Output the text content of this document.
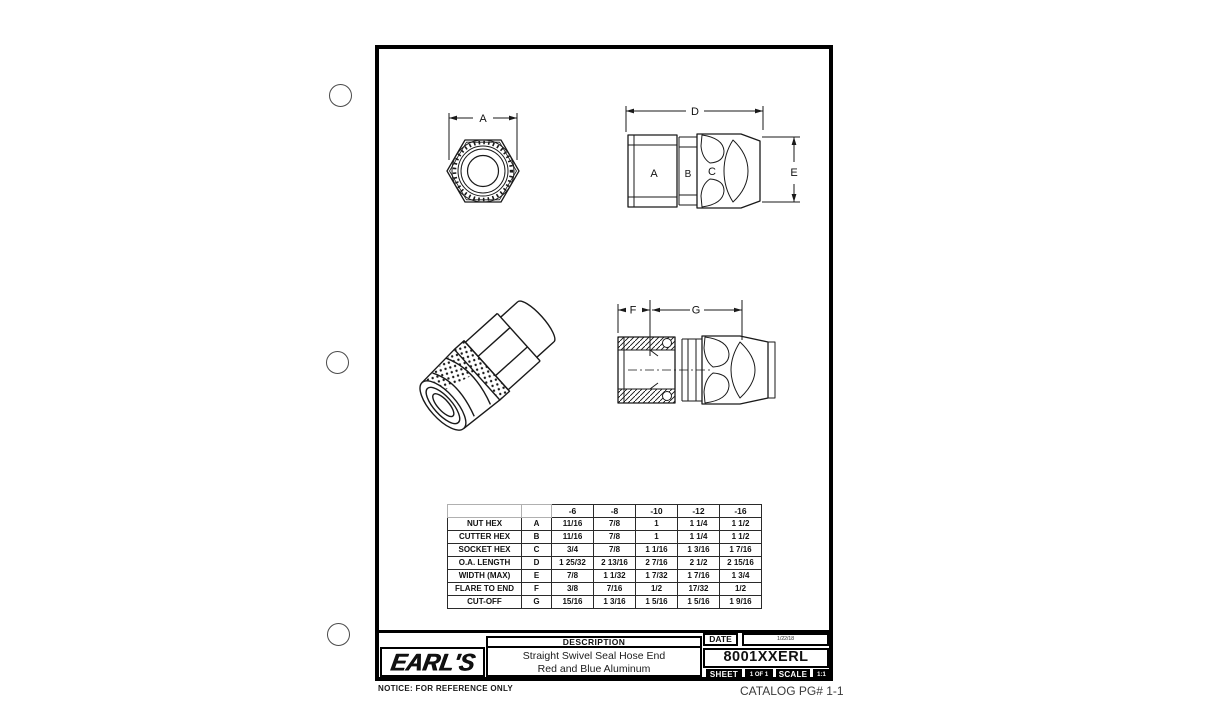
A
D
A	B C	E
F	G
		-6	-8	-10	-12	-16
NUT HEX	A	11/16	7/8	1	1 1/4	1 1/2
CUTTER HEX	B	11/16	7/8	1	1 1/4	1 1/2
SOCKET HEX	C	3/4	7/8	1 1/16	1 3/16	1 7/16
O.A. LENGTH	D	1 25/32	2 13/16	2 7/16	2 1/2	2 15/16
WIDTH (MAX)	E	7/8	1 1/32	1 7/32	1 7/16	1 3/4
FLARE TO END	F	3/8	7/16	1/2	17/32	1/2
CUT-OFF	G	15/16	1 3/16	1 5/16	1 5/16	1 9/16
EARL'S
DESCRIPTION
Straight Swivel Seal Hose End
Red and Blue Aluminum
DATE	1/22/18
8001XXERL
SHEET	1 OF 1	SCALE	1:1
NOTICE: FOR REFERENCE ONLY	CATALOG PG# 1-1
